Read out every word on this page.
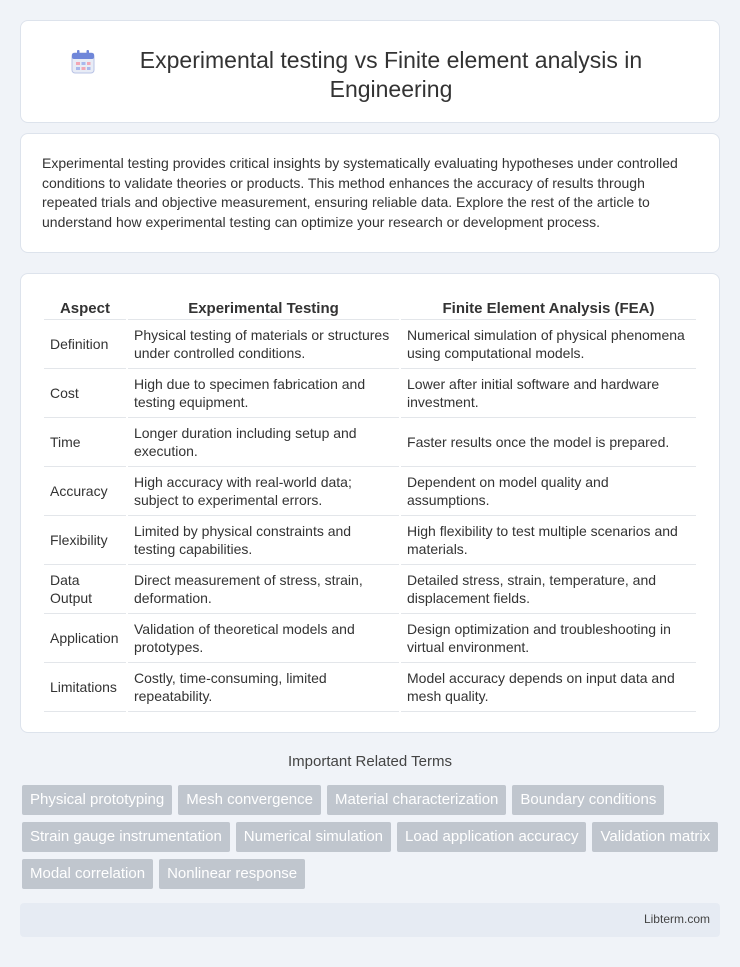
Experimental testing vs Finite element analysis in Engineering

Experimental testing provides critical insights by systematically evaluating hypotheses under controlled conditions to validate theories or products. This method enhances the accuracy of results through repeated trials and objective measurement, ensuring reliable data. Explore the rest of the article to understand how experimental testing can optimize your research or development process.

Aspect	Experimental Testing	Finite Element Analysis (FEA)
Definition	Physical testing of materials or structures under controlled conditions.	Numerical simulation of physical phenomena using computational models.
Cost	High due to specimen fabrication and testing equipment.	Lower after initial software and hardware investment.
Time	Longer duration including setup and execution.	Faster results once the model is prepared.
Accuracy	High accuracy with real-world data; subject to experimental errors.	Dependent on model quality and assumptions.
Flexibility	Limited by physical constraints and testing capabilities.	High flexibility to test multiple scenarios and materials.
Data Output	Direct measurement of stress, strain, deformation.	Detailed stress, strain, temperature, and displacement fields.
Application	Validation of theoretical models and prototypes.	Design optimization and troubleshooting in virtual environment.
Limitations	Costly, time-consuming, limited repeatability.	Model accuracy depends on input data and mesh quality.
Important Related Terms
Physical prototyping	Mesh convergence	Material characterization	Boundary conditions
Strain gauge instrumentation	Numerical simulation	Load application accuracy	Validation matrix
Modal correlation	Nonlinear response
Libterm.com
